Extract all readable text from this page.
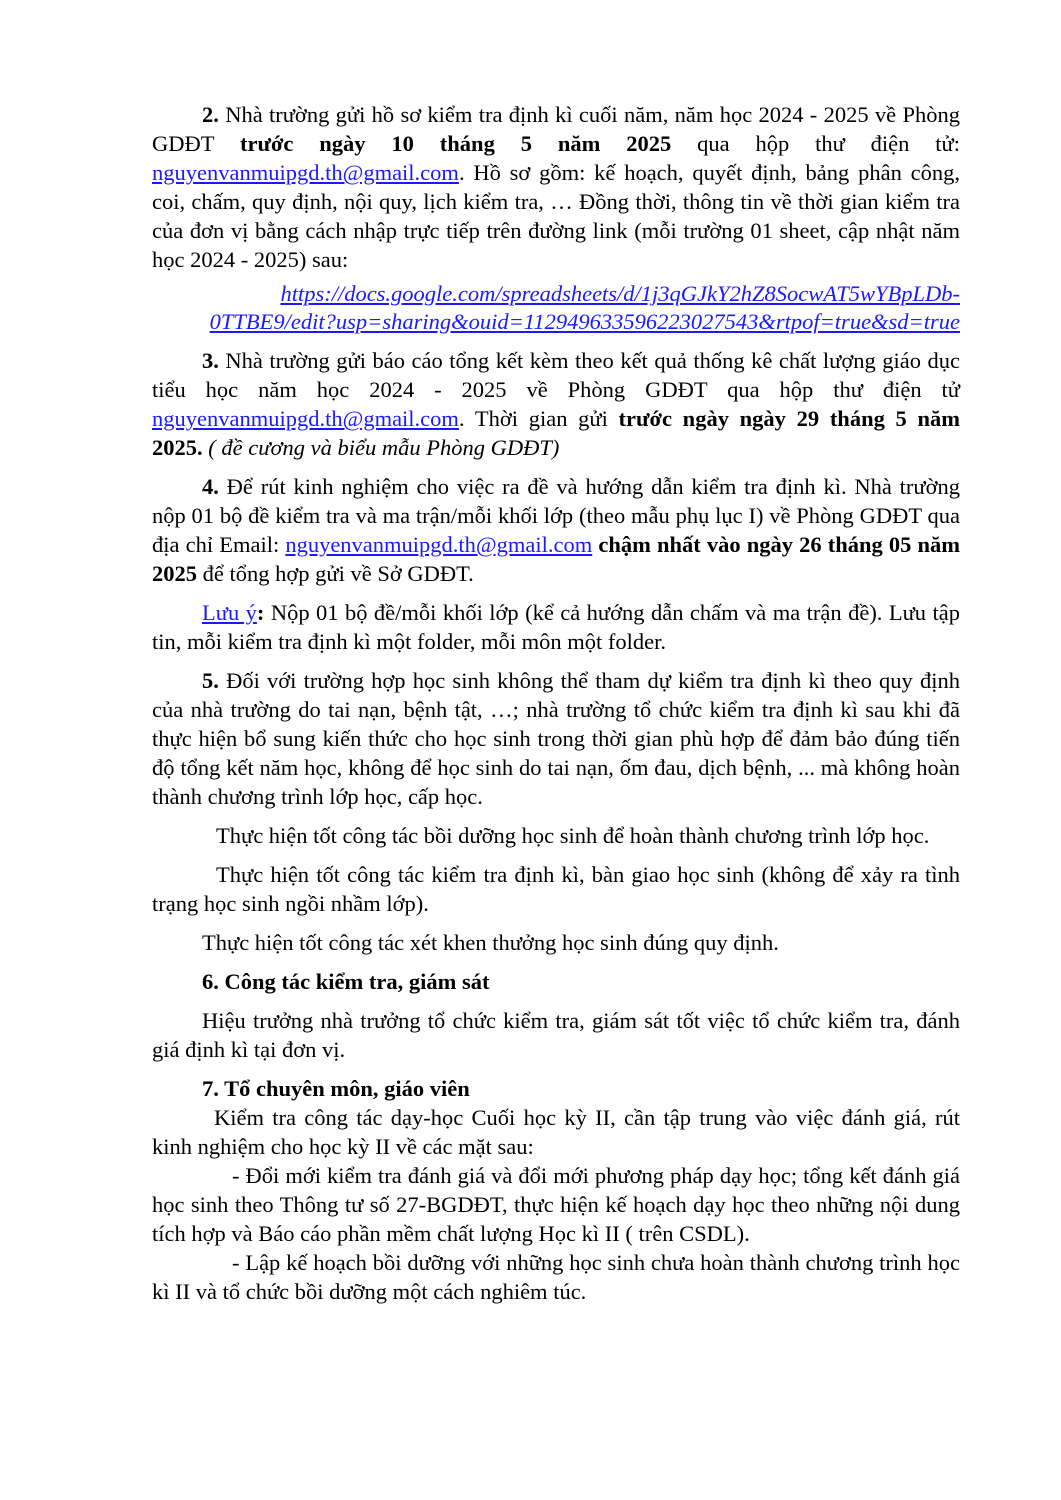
2. Nhà trường gửi hồ sơ kiểm tra định kì cuối năm, năm học 2024 - 2025 về Phòng GDĐT trước ngày 10 tháng 5 năm 2025 qua hộp thư điện tử: nguyenvanmuipgd.th@gmail.com. Hồ sơ gồm: kế hoạch, quyết định, bảng phân công, coi, chấm, quy định, nội quy, lịch kiểm tra, … Đồng thời, thông tin về thời gian kiểm tra của đơn vị bằng cách nhập trực tiếp trên đường link (mỗi trường 01 sheet, cập nhật năm học 2024 - 2025) sau:

https://docs.google.com/spreadsheets/d/1j3qGJkY2hZ8SocwAT5wYBpLDb-
0TTBE9/edit?usp=sharing&ouid=112949633596223027543&rtpof=true&sd=true

3. Nhà trường gửi báo cáo tổng kết kèm theo kết quả thống kê chất lượng giáo dục tiểu học năm học 2024 - 2025 về Phòng GDĐT qua hộp thư điện tử nguyenvanmuipgd.th@gmail.com. Thời gian gửi trước ngày ngày 29 tháng 5 năm 2025. ( đề cương và biểu mẫu Phòng GDĐT)

4. Để rút kinh nghiệm cho việc ra đề và hướng dẫn kiểm tra định kì. Nhà trường nộp 01 bộ đề kiểm tra và ma trận/mỗi khối lớp (theo mẫu phụ lục I) về Phòng GDĐT qua địa chỉ Email: nguyenvanmuipgd.th@gmail.com chậm nhất vào ngày 26 tháng 05 năm 2025 để tổng hợp gửi về Sở GDĐT.

Lưu ý: Nộp 01 bộ đề/mỗi khối lớp (kể cả hướng dẫn chấm và ma trận đề). Lưu tập tin, mỗi kiểm tra định kì một folder, mỗi môn một folder.

5. Đối với trường hợp học sinh không thể tham dự kiểm tra định kì theo quy định của nhà trường do tai nạn, bệnh tật, …; nhà trường tổ chức kiểm tra định kì sau khi đã thực hiện bổ sung kiến thức cho học sinh trong thời gian phù hợp để đảm bảo đúng tiến độ tổng kết năm học, không để học sinh do tai nạn, ốm đau, dịch bệnh, ... mà không hoàn thành chương trình lớp học, cấp học.

Thực hiện tốt công tác bồi dưỡng học sinh để hoàn thành chương trình lớp học.

Thực hiện tốt công tác kiểm tra định kì, bàn giao học sinh (không để xảy ra tình trạng học sinh ngồi nhầm lớp).

Thực hiện tốt công tác xét khen thưởng học sinh đúng quy định.

6. Công tác kiểm tra, giám sát

Hiệu trưởng nhà trưởng tổ chức kiểm tra, giám sát tốt việc tổ chức kiểm tra, đánh giá định kì tại đơn vị.

7. Tổ chuyên môn, giáo viên

Kiểm tra công tác dạy-học Cuối học kỳ II, cần tập trung vào việc đánh giá, rút kinh nghiệm cho học kỳ II về các mặt sau:

- Đổi mới kiểm tra đánh giá và đổi mới phương pháp dạy học; tổng kết đánh giá học sinh theo Thông tư số 27-BGDĐT, thực hiện kế hoạch dạy học theo những nội dung tích hợp và Báo cáo phần mềm chất lượng Học kì II ( trên CSDL).

- Lập kế hoạch bồi dưỡng với những học sinh chưa hoàn thành chương trình học kì II và tổ chức bồi dưỡng một cách nghiêm túc.
